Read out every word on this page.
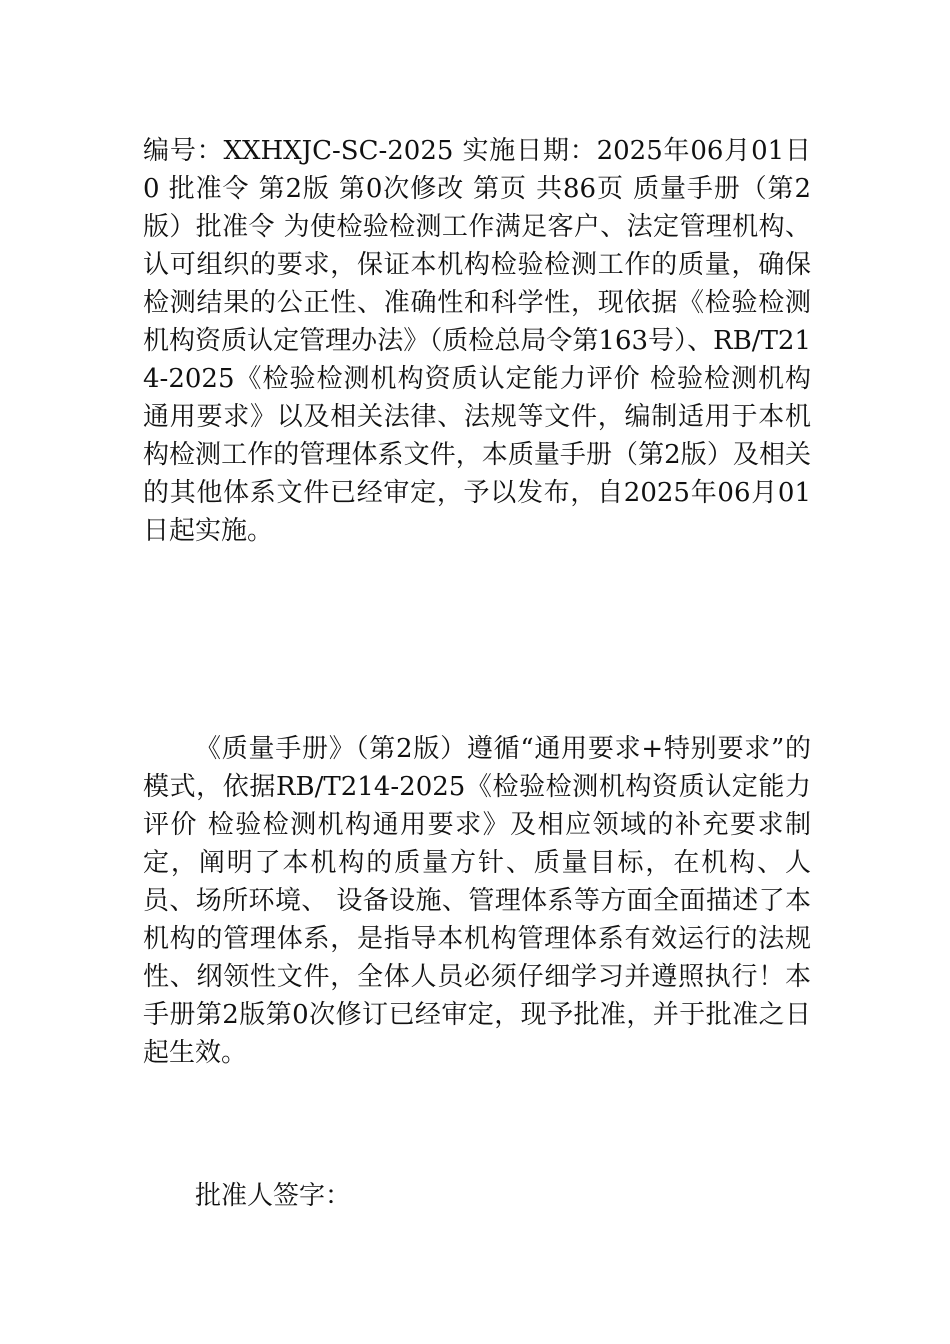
编号：XXHXJC-SC-2025 实施日期：2025年06月01日 0 批准令 第2版 第0次修改 第页 共86页 质量手册（第2版）批准令 为使检验检测工作满足客户、法定管理机构、认可组织的要求，保证本机构检验检测工作的质量，确保检测结果的公正性、准确性和科学性，现依据《检验检测机构资质认定管理办法》（质检总局令第163号）、RB/T214-2025《检验检测机构资质认定能力评价 检验检测机构通用要求》以及相关法律、法规等文件，编制适用于本机构检测工作的管理体系文件，本质量手册（第2版）及相关的其他体系文件已经审定，予以发布，自2025年06月01日起实施。

《质量手册》（第2版）遵循“通用要求+特别要求”的模式，依据RB/T214-2025《检验检测机构资质认定能力评价 检验检测机构通用要求》及相应领域的补充要求制定，阐明了本机构的质量方针、质量目标，在机构、人员、场所环境、 设备设施、管理体系等方面全面描述了本机构的管理体系，是指导本机构管理体系有效运行的法规性、纲领性文件，全体人员必须仔细学习并遵照执行！本手册第2版第0次修订已经审定，现予批准，并于批准之日起生效。

批准人签字：
